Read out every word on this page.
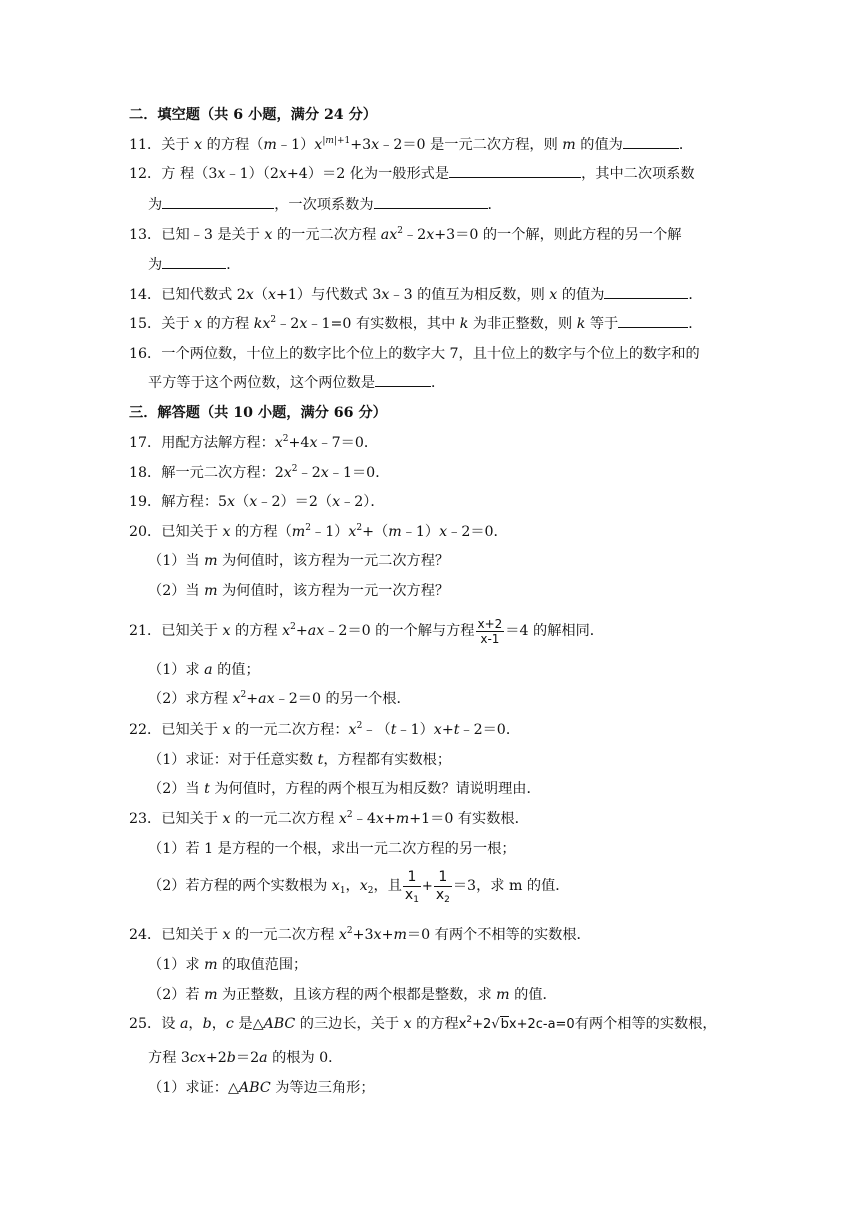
二．填空题（共 6 小题，满分 24 分）
11．关于 x 的方程$(m﹣1)x^{|m|+1}+3x﹣2=0$ 是一元二次方程，则 m 的值为	．
12．方 程（3x﹣1）（2x+4）＝2 化为一般形式是	，其中二次项系数
为	，一次项系数为	．
13．已知﹣3 是关于 x 的一元二次方程 $ax^2﹣2x+3=0$ 的一个解，则此方程的另一个解
为	．
14．已知代数式 2x（x+1）与代数式 3x﹣3 的值互为相反数，则 x 的值为	．
15．关于 x 的方程 $kx^2﹣2x﹣1=0$ 有实数根，其中 k 为非正整数，则 k 等于	．
16．一个两位数，十位上的数字比个位上的数字大 7，且十位上的数字与个位上的数字和的
平方等于这个两位数，这个两位数是	．
三．解答题（共 10 小题，满分 66 分）
17．用配方法解方程：$x^2+4x﹣7=0$．
18．解一元二次方程：$2x^2﹣2x﹣1=0$．
19．解方程：5x（x﹣2）＝2（x﹣2）．
20．已知关于 x 的方程$(m^2﹣1)x^2+(m﹣1)x﹣2=0$．
（1）当 m 为何值时，该方程为一元二次方程？
（2）当 m 为何值时，该方程为一元一次方程？
21．已知关于 x 的方程 $x^2+ax﹣2=0$ 的一个解与方程 $\frac{x+2}{x-1} =4$ 的解相同．
（1）求 a 的值；
（2）求方程 $x^2+ax﹣2=0$ 的另一个根．
22．已知关于 x 的一元二次方程：$x^2﹣(t﹣1)x+t﹣2=0$．
（1）求证：对于任意实数 t，方程都有实数根；
（2）当 t 为何值时，方程的两个根互为相反数？请说明理由．
23．已知关于 x 的一元二次方程 $x^2﹣4x+m+1=0$ 有实数根．
（1）若 1 是方程的一个根，求出一元二次方程的另一根；
（2）若方程的两个实数根为 $x_1$，$x_2$，且 $\frac{1}{x_1} + \frac{1}{x_2} =3$，求 m 的值．
24．已知关于 x 的一元二次方程 $x^2+3x+m=0$ 有两个不相等的实数根．
（1）求 m 的取值范围；
（2）若 m 为正整数，且该方程的两个根都是整数，求 m 的值．
25．设 a，b，c 是△ABC 的三边长，关于 x 的方程$x^2+2√bx+2c-a=0$有两个相等的实数根，
方程 3cx+2b＝2a 的根为 0．
（1）求证：△ABC 为等边三角形；
